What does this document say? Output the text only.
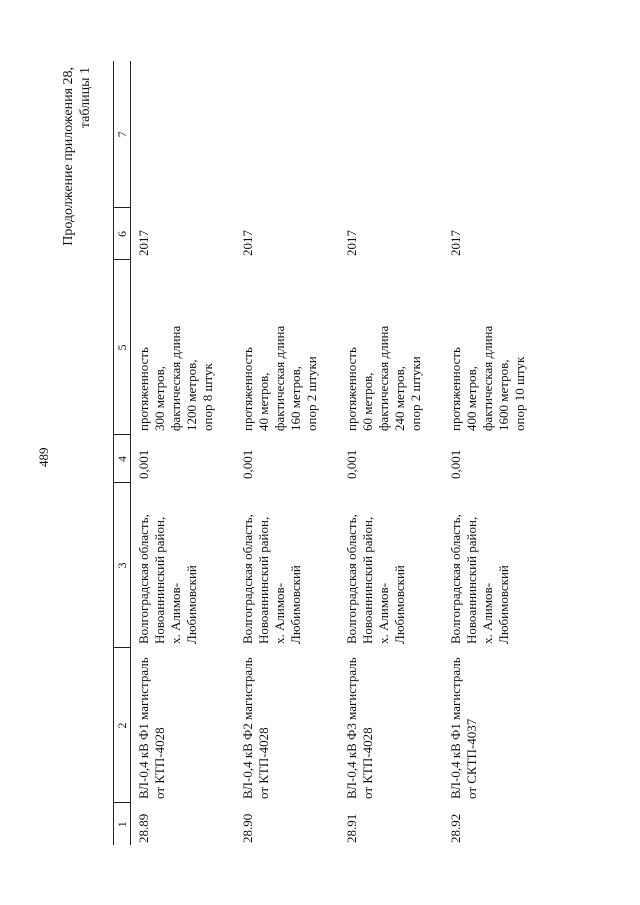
489
Продолжение приложения 28, таблицы 1
1	2	3	4	5	6	7
28.89	ВЛ-0,4 кВ Ф1 магистраль
от КТП-4028	Волгоградская область,
Новоаннинский район,
х. Алимов-
Любимовский	0,001	протяженность
300 метров,
фактическая длина
1200 метров,
опор 8 штук	2017	
28.90	ВЛ-0,4 кВ Ф2 магистраль
от КТП-4028	Волгоградская область,
Новоаннинский район,
х. Алимов-
Любимовский	0,001	протяженность
40 метров,
фактическая длина
160 метров,
опор 2 штуки	2017	
28.91	ВЛ-0,4 кВ Ф3 магистраль
от КТП-4028	Волгоградская область,
Новоаннинский район,
х. Алимов-
Любимовский	0,001	протяженность
60 метров,
фактическая длина
240 метров,
опор 2 штуки	2017	
28.92	ВЛ-0,4 кВ Ф1 магистраль
от СКТП-4037	Волгоградская область,
Новоаннинский район,
х. Алимов-
Любимовский	0,001	протяженность
400 метров,
фактическая длина
1600 метров,
опор 10 штук	2017	
